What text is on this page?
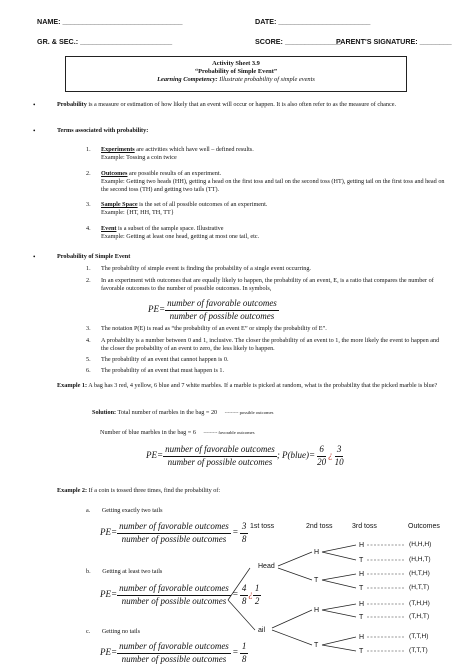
NAME: ______________________________	DATE: _______________________
GR. & SEC.: _______________________	SCORE: ______________
PARENT'S SIGNATURE: ________
Activity Sheet 3.9
“Probability of Simple Event”
Learning Competency: Illustrate probability of simple events
•	Probability is a measure or estimation of how likely that an event will occur or happen. It is also often refer to as the measure of chance.
•	Terms associated with probability:
1. Experiments are activities which have well – defined results.
Example: Tossing a coin twice
2. Outcomes are possible results of an experiment.
Example: Getting two heads (HH), getting a head on the first toss and tail on the second toss (HT), getting tail on the first toss and head on the second toss (TH) and getting two tails (TT).
3. Sample Space is the set of all possible outcomes of an experiment.
Example: {HT, HH, TH, TT}
4. Event is a subset of the sample space. Illustrative
Example: Getting at least one head, getting at most one tail, etc.
•	Probability of Simple Event
1. The probability of simple event is finding the probability of a single event occurring.
2. In an experiment with outcomes that are equally likely to happen, the probability of an event, E, is a ratio that compares the number of favorable outcomes to the number of possible outcomes. In symbols,
$PE= \frac{\text{number of favorable outcomes}}{\text{number of possible outcomes}}$
3. The notation P(E) is read as “the probability of an event E” or simply the probability of E”.
4. A probability is a number between 0 and 1, inclusive. The closer the probability of an event to 1, the more likely the event to happen and the closer the probability of an event to zero, the less likely to happen.
5. The probability of an event that cannot happen is 0.
6. The probability of an event that must happen is 1.
Example 1: A bag has 3 red, 4 yellow, 6 blue and 7 white marbles. If a marble is picked at random, what is the probability that the picked marble is blue?
Solution: Total number of marbles in the bag = 20 --------- possible outcomes
Number of blue marbles in the bag = 6 --------- favorable outcomes
$PE= \frac{\text{number of favorable outcomes}}{\text{number of possible outcomes}}$ ; P(blue)= $\frac{6}{20}$ ¿ $\frac{3}{10}$
Example 2: If a coin is tossed three times, find the probability of:
a. Getting exactly two tails
$PE= \frac{\text{number of favorable outcomes}}{\text{number of possible outcomes}} = \frac{3}{8}$
b. Getting at least two tails
$PE= \frac{\text{number of favorable outcomes}}{\text{number of possible outcomes}} = \frac{4}{8}$ ¿ $\frac{1}{2}$
c. Getting no tails
$PE= \frac{\text{number of favorable outcomes}}{\text{number of possible outcomes}} = \frac{1}{8}$
1st toss	2nd toss	3rd toss	Outcomes
Head
ail
H
T
H
T
H
T
H
T
H
T
H
T
(H,H,H)
(H,H,T)
(H,T,H)
(H,T,T)
(T,H,H)
(T,H,T)
(T,T,H)
(T,T,T)
